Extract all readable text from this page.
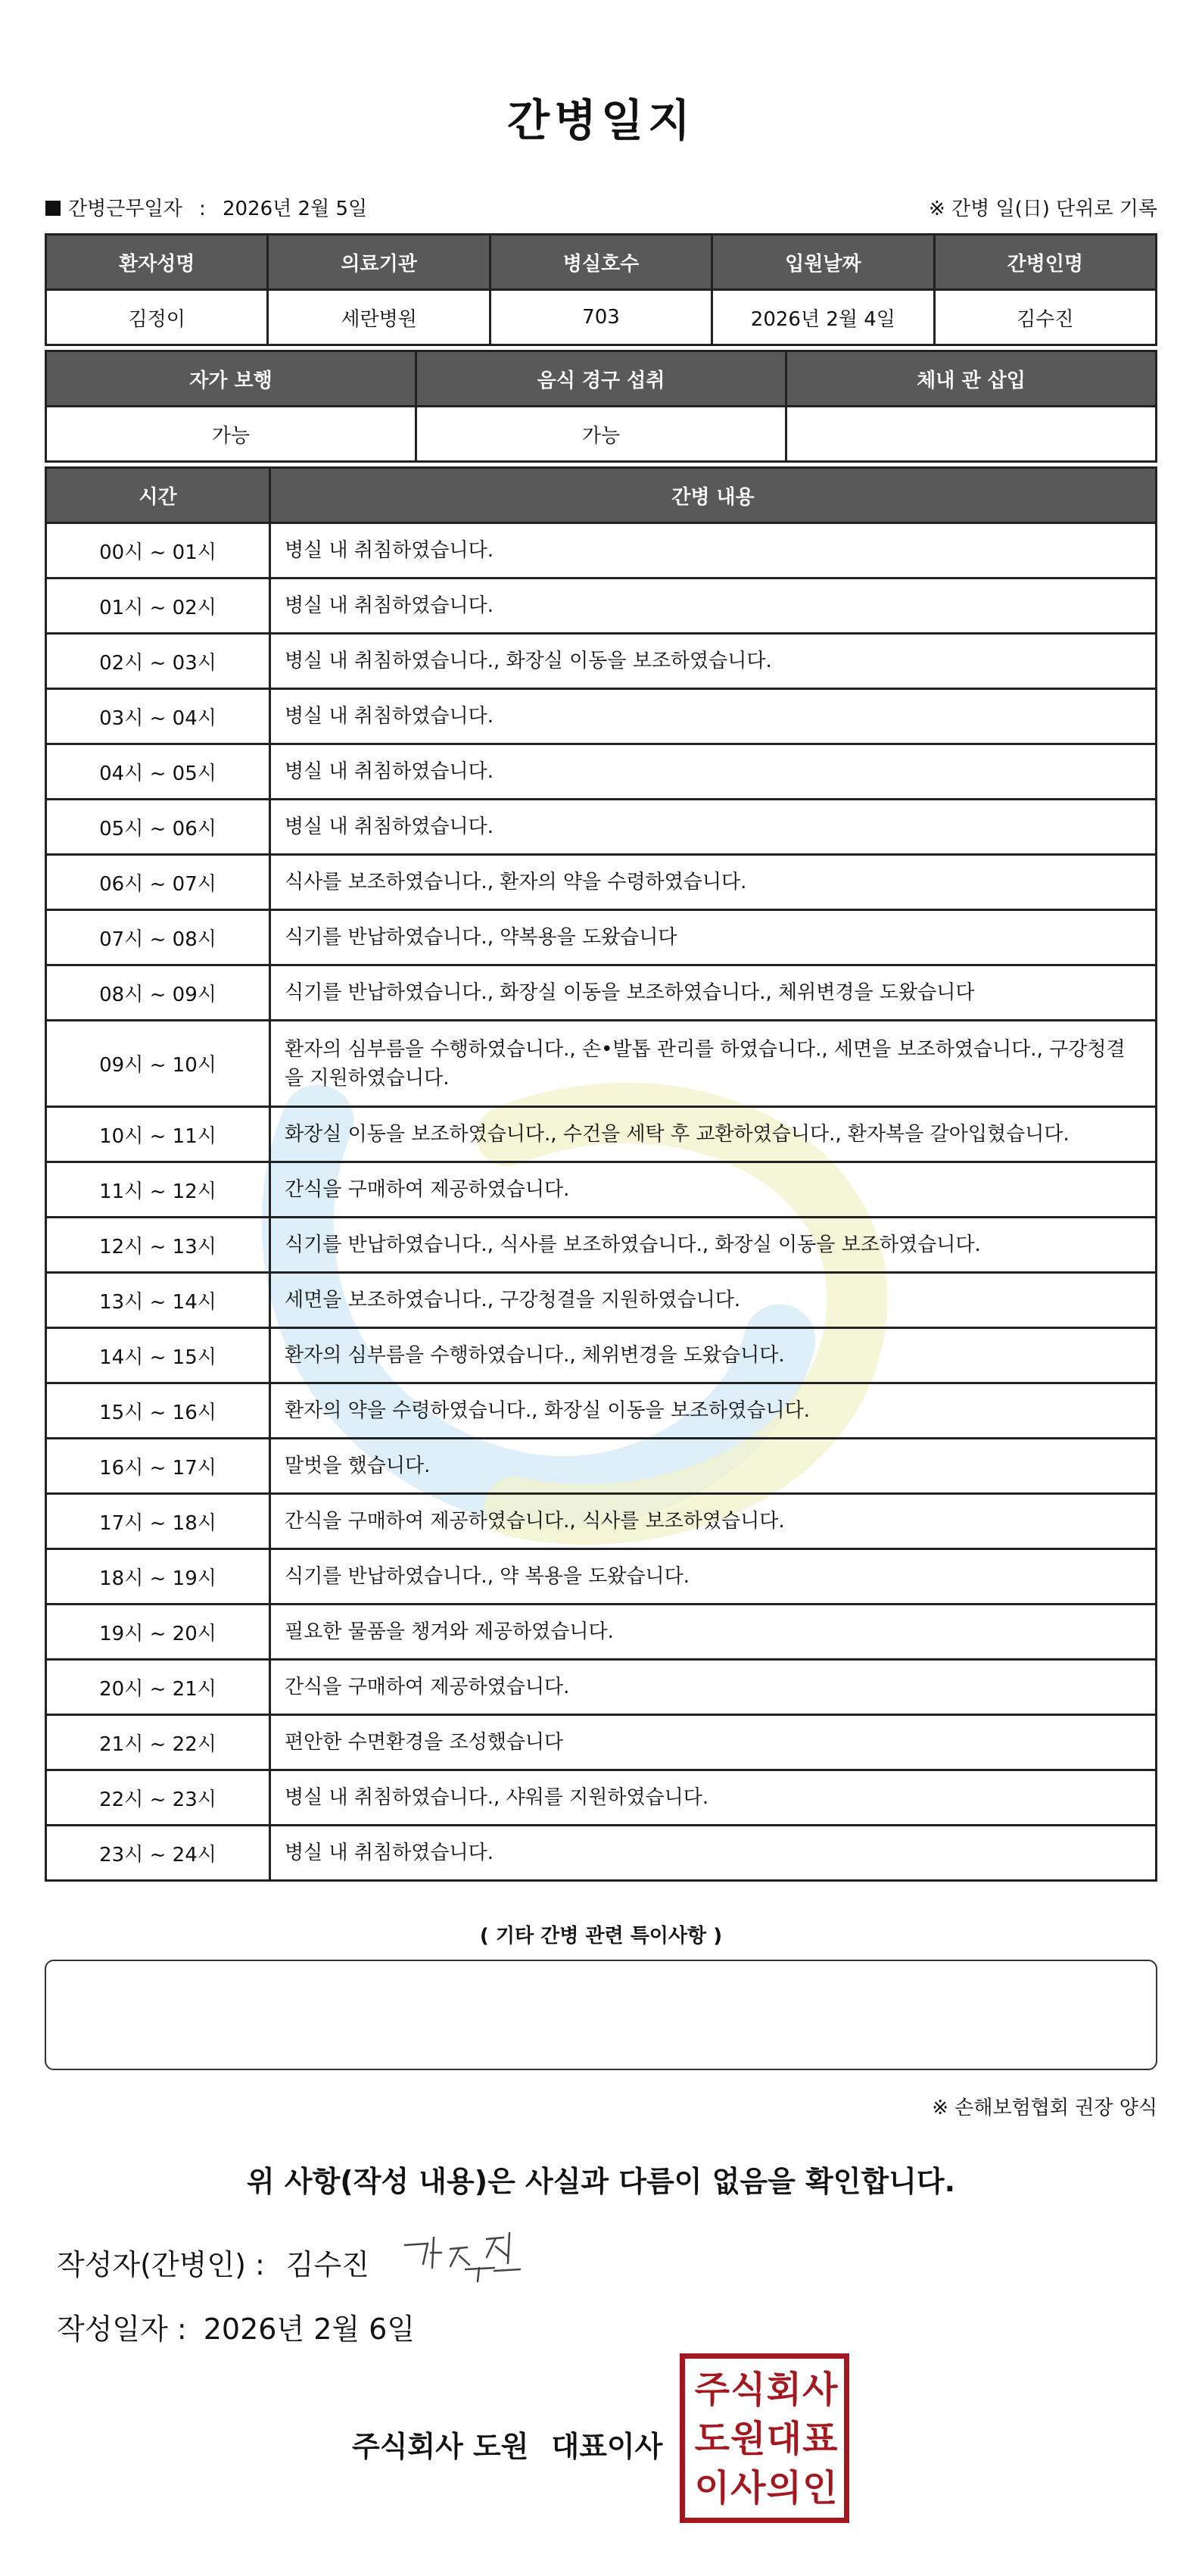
간병일지
간병근무일자 : 2026년 2월 5일	※ 간병 일(日) 단위로 기록
환자성명	의료기관	병실호수	입원날짜	간병인명
김정이	세란병원	703	2026년 2월 4일	김수진
자가 보행	음식 경구 섭취	체내 관 삽입
가능	가능	
시간	간병 내용
00시 ~ 01시	병실 내 취침하였습니다.
01시 ~ 02시	병실 내 취침하였습니다.
02시 ~ 03시	병실 내 취침하였습니다., 화장실 이동을 보조하였습니다.
03시 ~ 04시	병실 내 취침하였습니다.
04시 ~ 05시	병실 내 취침하였습니다.
05시 ~ 06시	병실 내 취침하였습니다.
06시 ~ 07시	식사를 보조하였습니다., 환자의 약을 수령하였습니다.
07시 ~ 08시	식기를 반납하였습니다., 약복용을 도왔습니다
08시 ~ 09시	식기를 반납하였습니다., 화장실 이동을 보조하였습니다., 체위변경을 도왔습니다
09시 ~ 10시	환자의 심부름을 수행하였습니다., 손•발톱 관리를 하였습니다., 세면을 보조하였습니다., 구강청결을 지원하였습니다.
10시 ~ 11시	화장실 이동을 보조하였습니다., 수건을 세탁 후 교환하였습니다., 환자복을 갈아입혔습니다.
11시 ~ 12시	간식을 구매하여 제공하였습니다.
12시 ~ 13시	식기를 반납하였습니다., 식사를 보조하였습니다., 화장실 이동을 보조하였습니다.
13시 ~ 14시	세면을 보조하였습니다., 구강청결을 지원하였습니다.
14시 ~ 15시	환자의 심부름을 수행하였습니다., 체위변경을 도왔습니다.
15시 ~ 16시	환자의 약을 수령하였습니다., 화장실 이동을 보조하였습니다.
16시 ~ 17시	말벗을 했습니다.
17시 ~ 18시	간식을 구매하여 제공하였습니다., 식사를 보조하였습니다.
18시 ~ 19시	식기를 반납하였습니다., 약 복용을 도왔습니다.
19시 ~ 20시	필요한 물품을 챙겨와 제공하였습니다.
20시 ~ 21시	간식을 구매하여 제공하였습니다.
21시 ~ 22시	편안한 수면환경을 조성했습니다
22시 ~ 23시	병실 내 취침하였습니다., 샤워를 지원하였습니다.
23시 ~ 24시	병실 내 취침하였습니다.
( 기타 간병 관련 특이사항 )
※ 손해보험협회 권장 양식
위 사항(작성 내용)은 사실과 다름이 없음을 확인합니다.
작성자(간병인) : 김수진
작성일자 : 2026년 2월 6일
주식회사 도원 대표이사
주 식 회 사
도 원 대 표
이 사 의 인
